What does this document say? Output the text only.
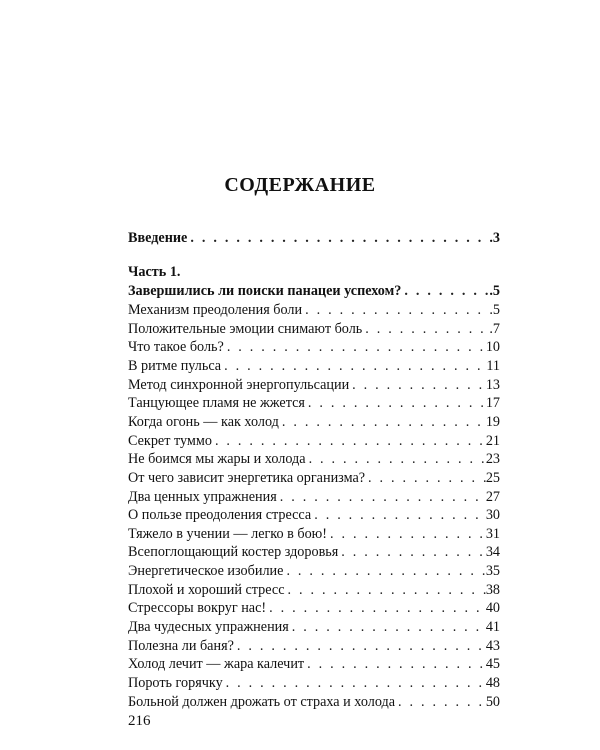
СОДЕРЖАНИЕ
Введение . . .	.3

Часть 1.

Завершились ли поиски панацеи успехом? . . .	.5
Механизм преодоления боли . . .	.5
Положительные эмоции снимают боль . . .	.7
Что такое боль? . . .	10
В ритме пульса . . .	11
Метод синхронной энергопульсации . . .	13
Танцующее пламя не жжется . . .	17
Когда огонь — как холод . . .	19
Секрет туммо . . .	21
Не боимся мы жары и холода . . .	23
От чего зависит энергетика организма? . . .	25
Два ценных упражнения . . .	27
О пользе преодоления стресса . . .	30
Тяжело в учении — легко в бою! . . .	31
Всепоглощающий костер здоровья . . .	34
Энергетическое изобилие . . .	35
Плохой и хороший стресс . . .	38
Стрессоры вокруг нас! . . .	40
Два чудесных упражнения . . .	41
Полезна ли баня? . . .	43
Холод лечит — жара калечит . . .	45
Пороть горячку . . .	48
Больной должен дрожать от страха и холода . . .	50

216
